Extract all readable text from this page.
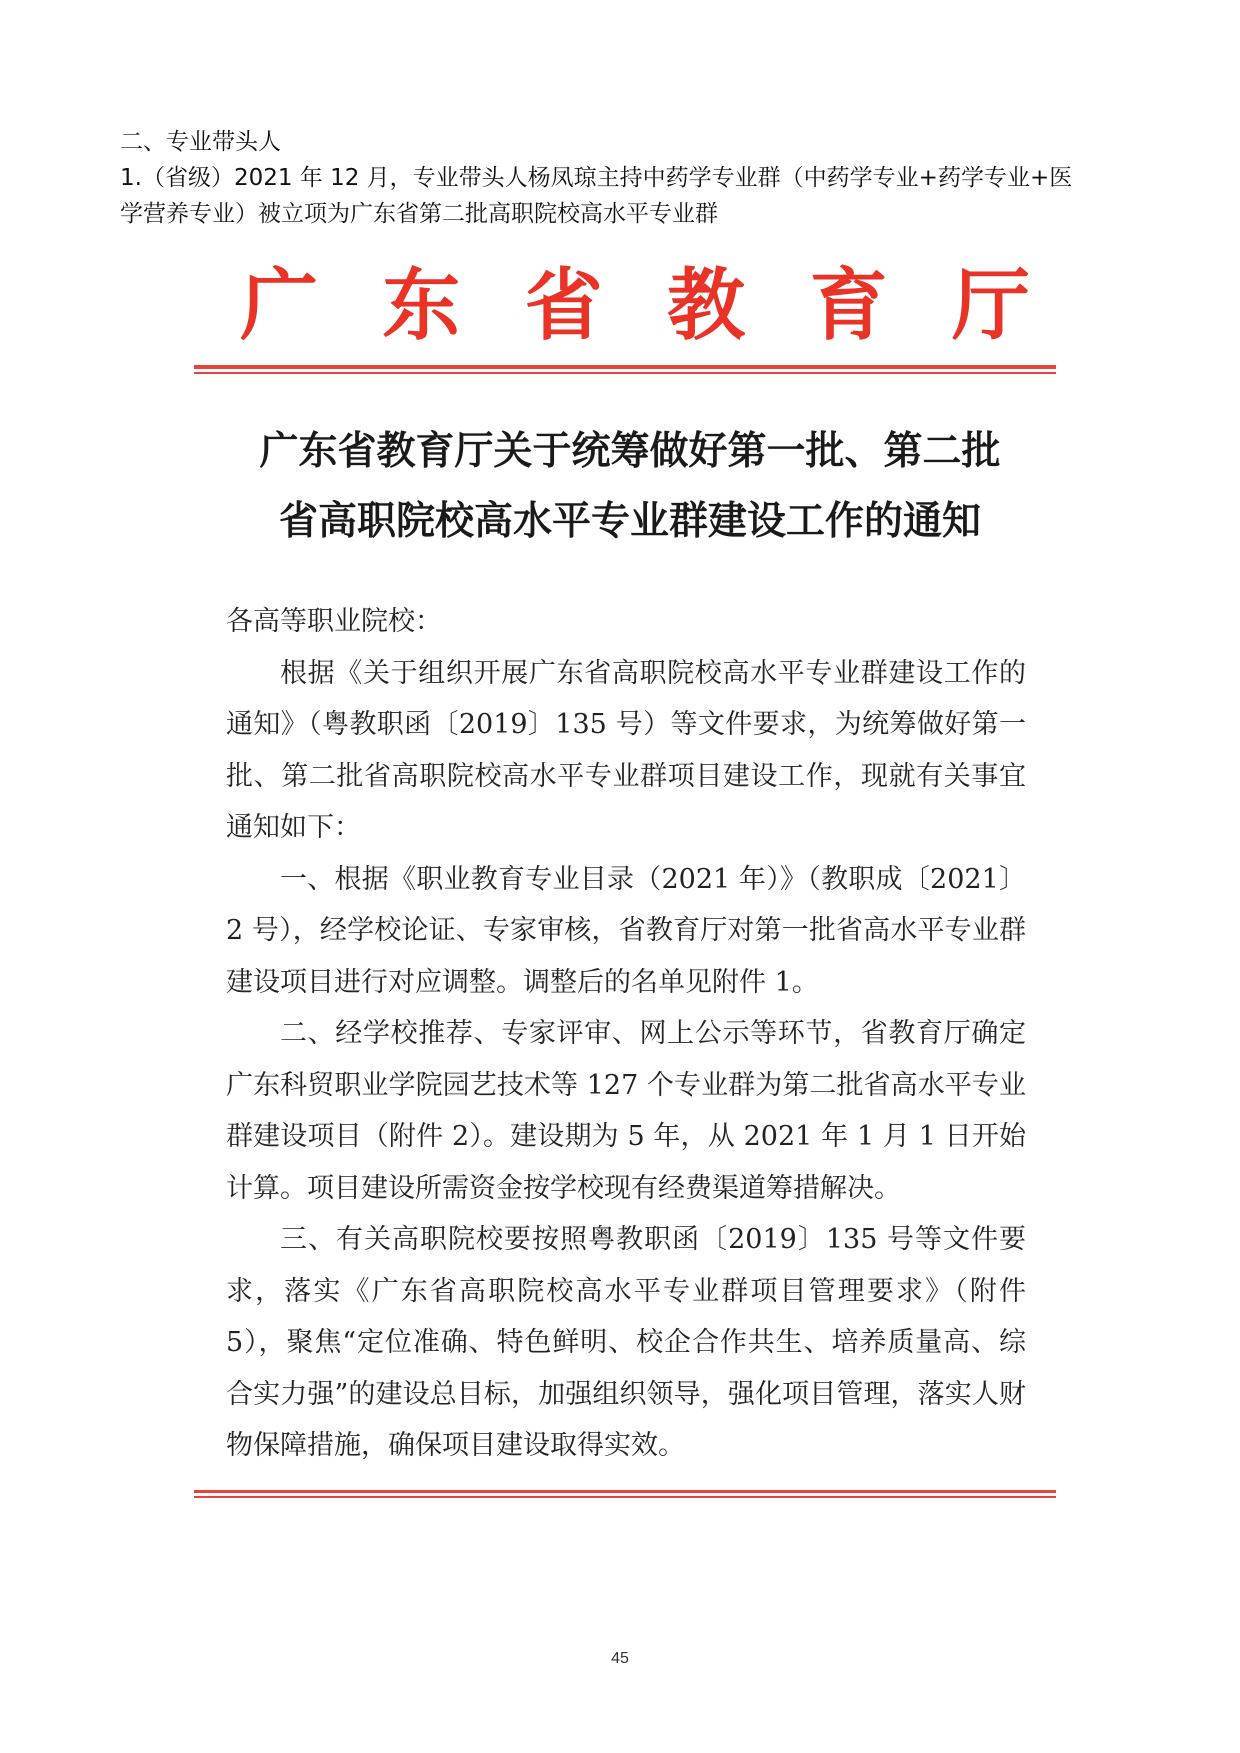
二、专业带头人
1.（省级）2021 年 12 月，专业带头人杨凤琼主持中药学专业群（中药学专业+药学专业+医
学营养专业）被立项为广东省第二批高职院校高水平专业群
广 东 省 教 育 厅
广东省教育厅关于统筹做好第一批、第二批
省高职院校高水平专业群建设工作的通知

各高等职业院校：

根据《关于组织开展广东省高职院校高水平专业群建设工作的通知》（粤教职函〔2019〕135 号）等文件要求，为统筹做好第一批、第二批省高职院校高水平专业群项目建设工作，现就有关事宜通知如下：

一、根据《职业教育专业目录（2021 年）》（教职成〔2021〕2 号），经学校论证、专家审核，省教育厅对第一批省高水平专业群建设项目进行对应调整。调整后的名单见附件 1。

二、经学校推荐、专家评审、网上公示等环节，省教育厅确定广东科贸职业学院园艺技术等 127 个专业群为第二批省高水平专业群建设项目（附件 2）。建设期为 5 年，从 2021 年 1 月 1 日开始计算。项目建设所需资金按学校现有经费渠道筹措解决。

三、有关高职院校要按照粤教职函〔2019〕135 号等文件要求，落实《广东省高职院校高水平专业群项目管理要求》（附件 5），聚焦“定位准确、特色鲜明、校企合作共生、培养质量高、综合实力强”的建设总目标，加强组织领导，强化项目管理，落实人财物保障措施，确保项目建设取得实效。

45
